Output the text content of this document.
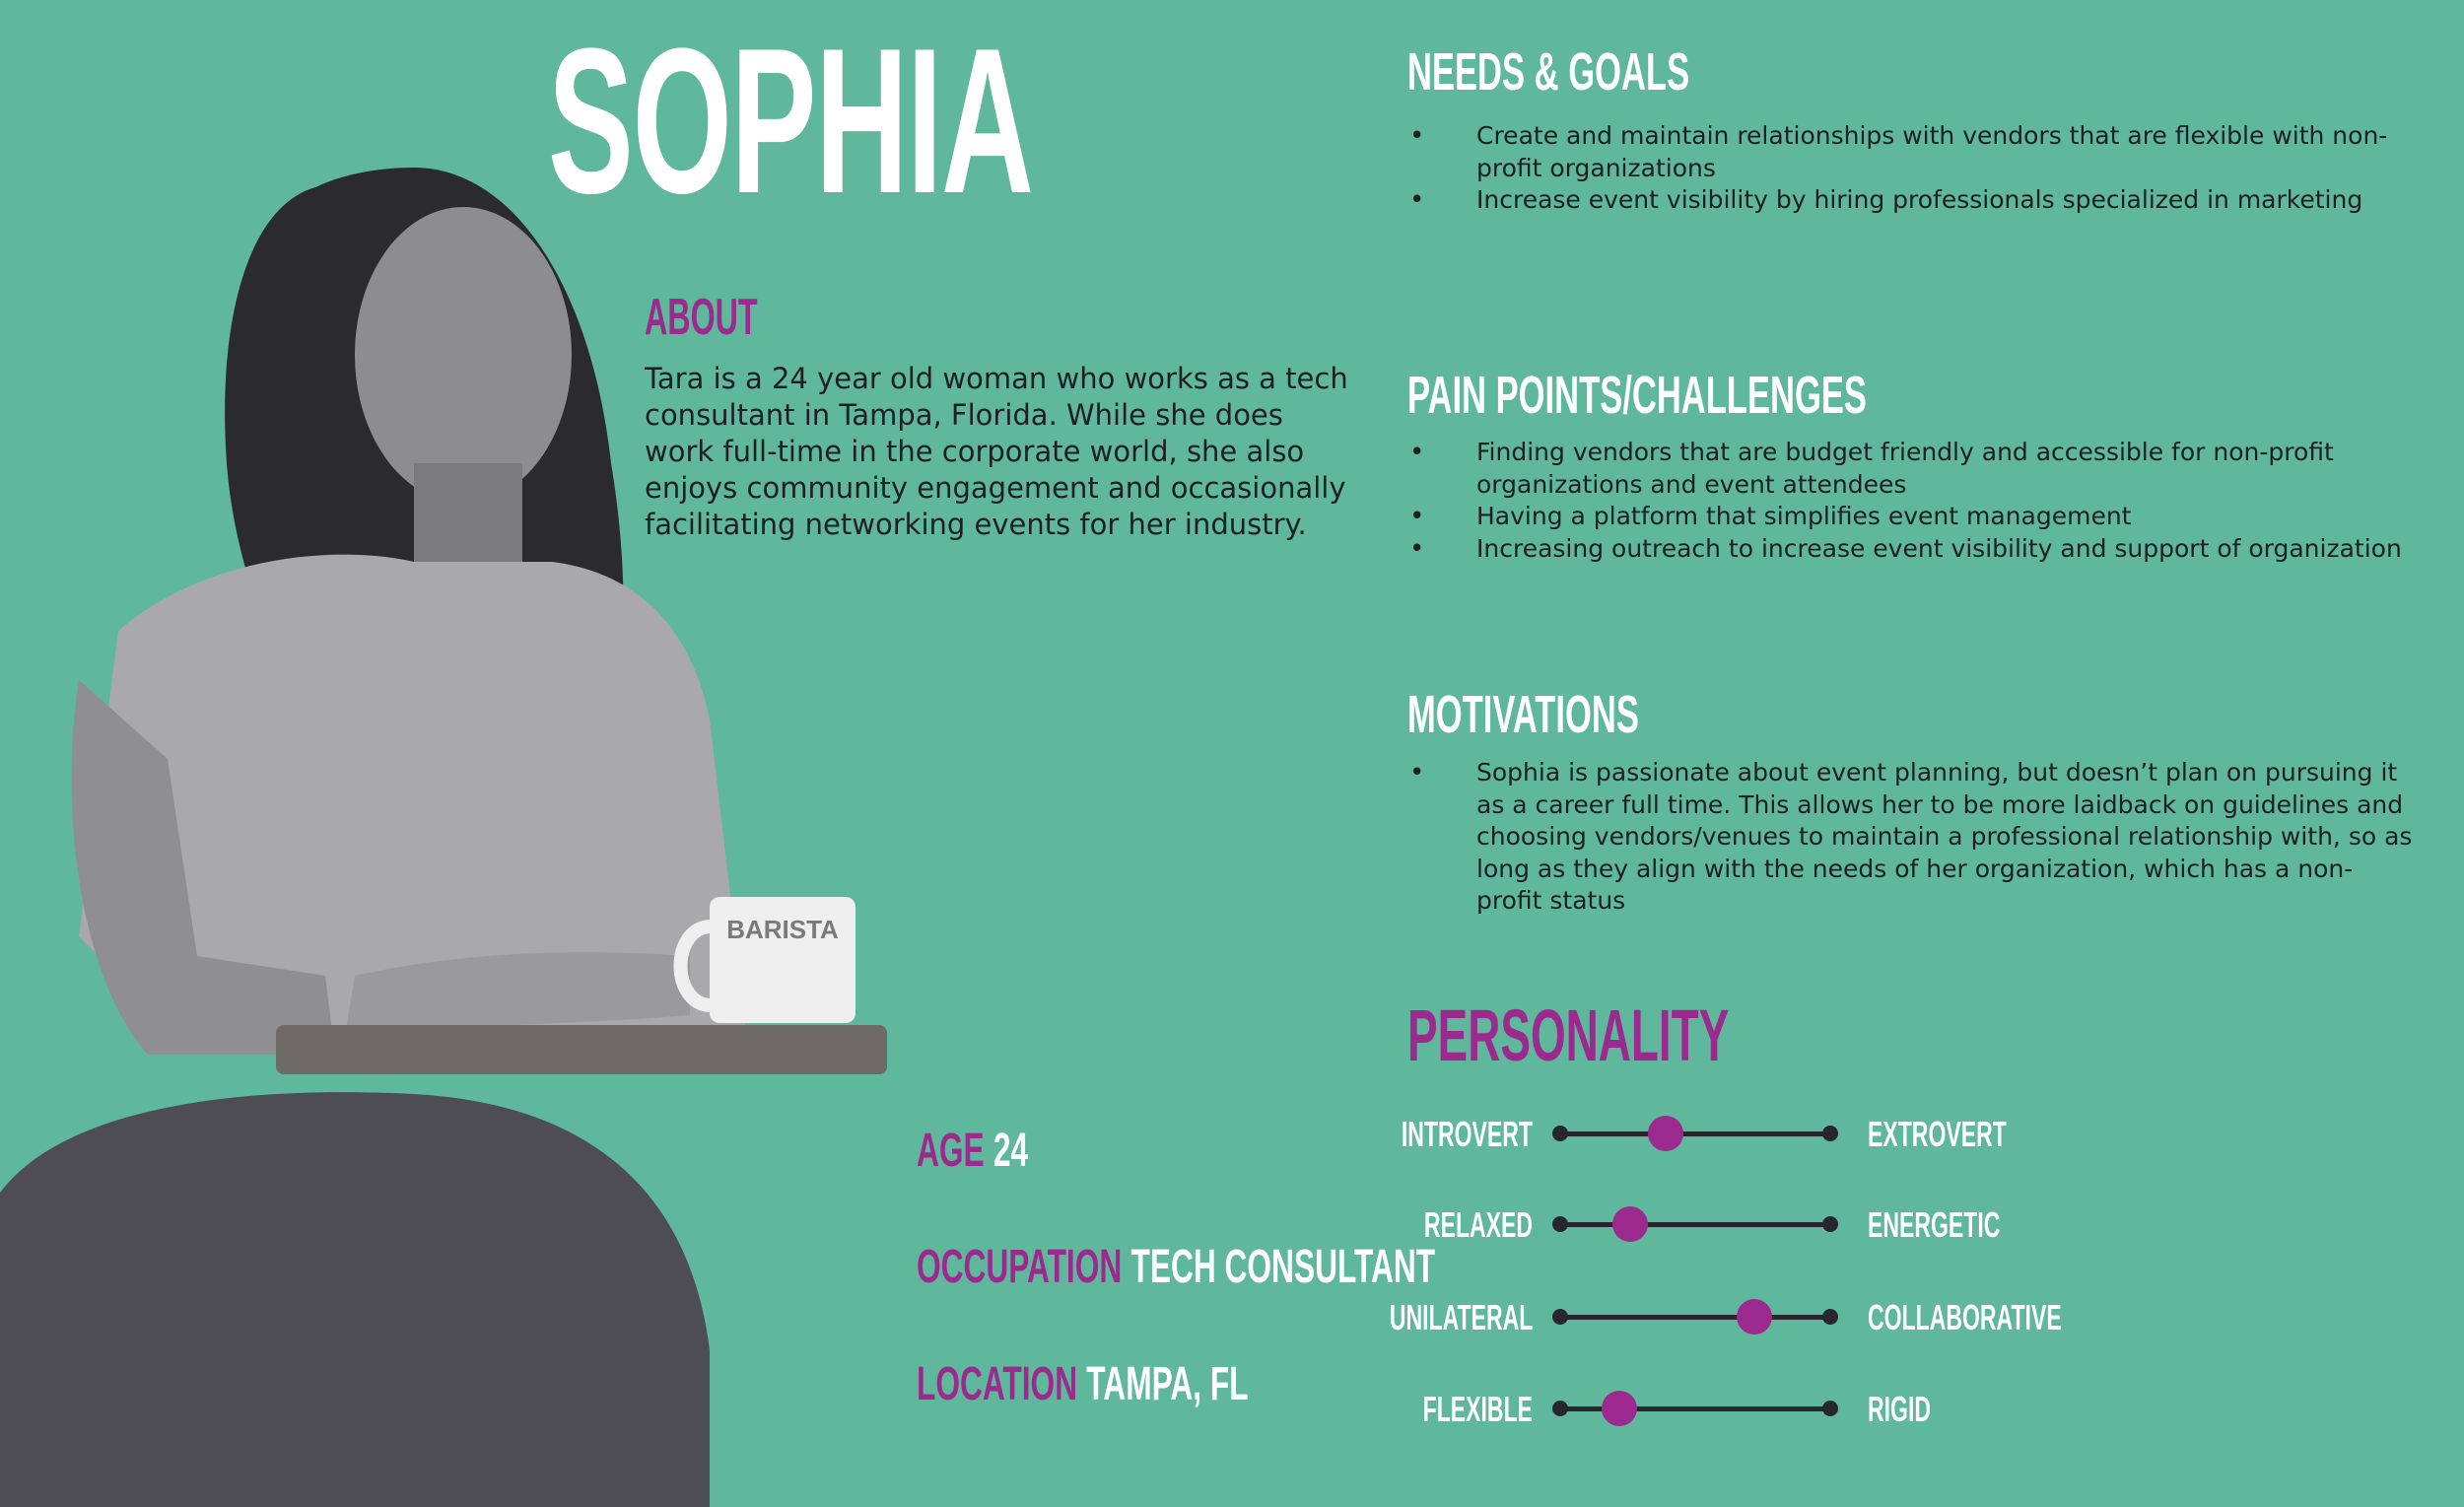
BARISTA
SOPHIA
ABOUT
Tara is a 24 year old woman who works as a tech consultant in Tampa, Florida. While she does work full-time in the corporate world, she also enjoys community engagement and occasionally facilitating networking events for her industry.
AGE 24
OCCUPATION TECH CONSULTANT
LOCATION TAMPA, FL
NEEDS & GOALS
• Create and maintain relationships with vendors that are flexible with non-profit organizations
• Increase event visibility by hiring professionals specialized in marketing
PAIN POINTS/CHALLENGES
• Finding vendors that are budget friendly and accessible for non-profit organizations and event attendees
• Having a platform that simplifies event management
• Increasing outreach to increase event visibility and support of organization
MOTIVATIONS
• Sophia is passionate about event planning, but doesn’t plan on pursuing it as a career full time. This allows her to be more laidback on guidelines and choosing vendors/venues to maintain a professional relationship with, so as long as they align with the needs of her organization, which has a non-profit status
PERSONALITY
INTROVERT	EXTROVERT
RELAXED	ENERGETIC
UNILATERAL	COLLABORATIVE
FLEXIBLE	RIGID
